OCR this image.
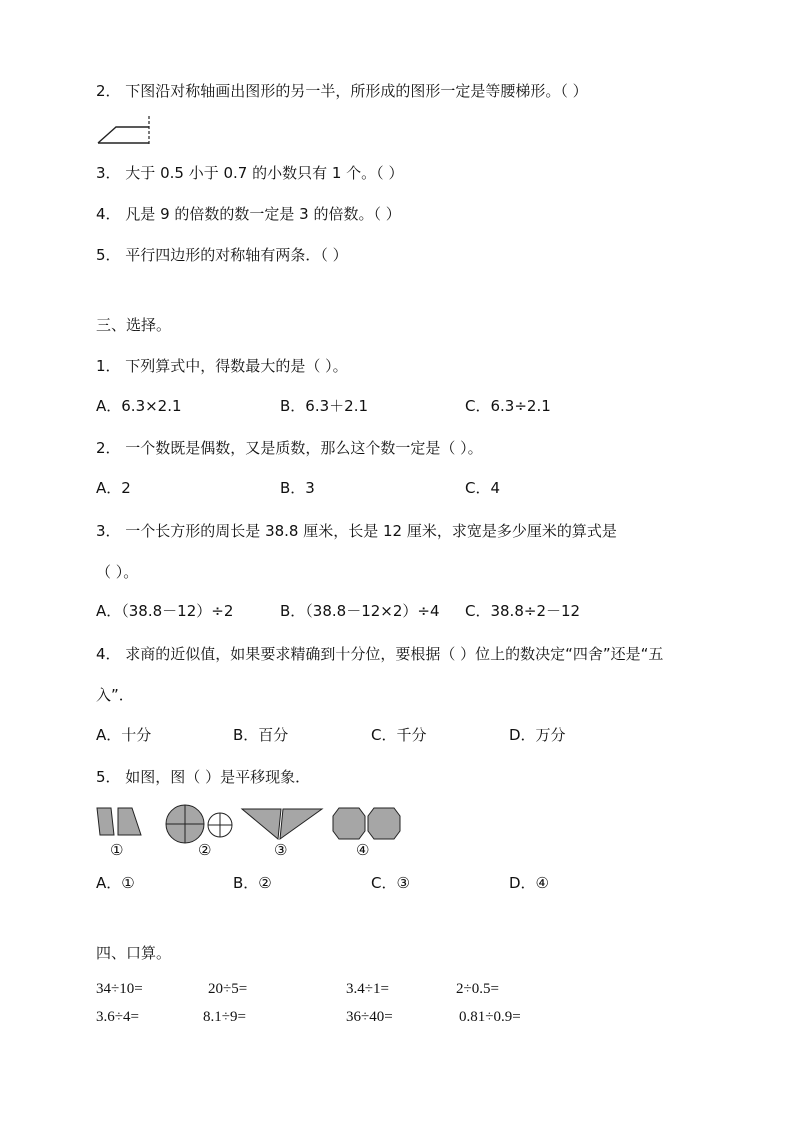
2． 下图沿对称轴画出图形的另一半，所形成的图形一定是等腰梯形。（ ）
3． 大于 0.5 小于 0.7 的小数只有 1 个。（ ）
4． 凡是 9 的倍数的数一定是 3 的倍数。（ ）
5． 平行四边形的对称轴有两条．（ ）
三、选择。
1． 下列算式中，得数最大的是（ ）。
A．6.3×2.1	B．6.3＋2.1	C．6.3÷2.1
2． 一个数既是偶数，又是质数，那么这个数一定是（ ）。
A．2	B．3	C．4
3． 一个长方形的周长是 38.8 厘米，长是 12 厘米，求宽是多少厘米的算式是
（ ）。
A．（38.8－12）÷2	B．（38.8－12×2）÷4 C．38.8÷2－12
4． 求商的近似值，如果要求精确到十分位，要根据（ ）位上的数决定“四舍”还是“五
入”．
A．十分	B．百分	C．千分	D．万分
5． 如图，图（ ）是平移现象．
①	②	③	④
A．①	B．②	C．③	D．④
四、口算。
34÷10=	20÷5=	3.4÷1=	2÷0.5=
3.6÷4=	8.1÷9=	36÷40=	0.81÷0.9=
